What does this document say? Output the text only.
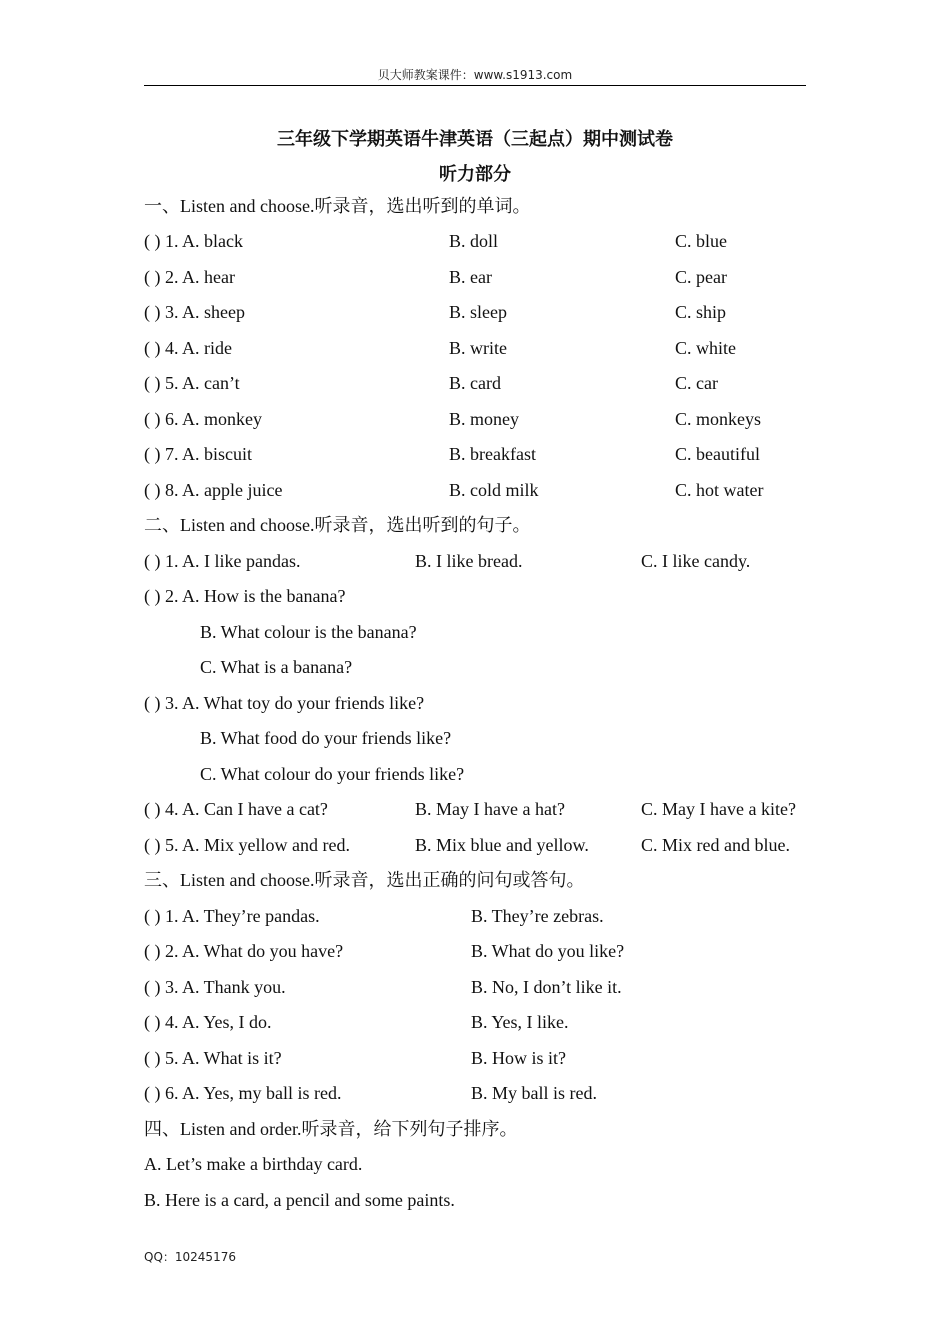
贝大师教案课件：www.s1913.com
三年级下学期英语牛津英语（三起点）期中测试卷
听力部分
一、Listen and choose.听录音，选出听到的单词。
( ) 1. A. black	B. doll	C. blue
( ) 2. A. hear	B. ear	C. pear
( ) 3. A. sheep	B. sleep	C. ship
( ) 4. A. ride	B. write	C. white
( ) 5. A. can’t	B. card	C. car
( ) 6. A. monkey	B. money	C. monkeys
( ) 7. A. biscuit	B. breakfast	C. beautiful
( ) 8. A. apple juice	B. cold milk	C. hot water
二、Listen and choose.听录音，选出听到的句子。
( ) 1. A. I like pandas.	B. I like bread.	C. I like candy.
( ) 2. A. How is the banana?
B. What colour is the banana?
C. What is a banana?
( ) 3. A. What toy do your friends like?
B. What food do your friends like?
C. What colour do your friends like?
( ) 4. A. Can I have a cat?	B. May I have a hat?	C. May I have a kite?
( ) 5. A. Mix yellow and red.	B. Mix blue and yellow.	C. Mix red and blue.
三、Listen and choose.听录音，选出正确的问句或答句。
( ) 1. A. They’re pandas.	B. They’re zebras.
( ) 2. A. What do you have?	B. What do you like?
( ) 3. A. Thank you.	B. No, I don’t like it.
( ) 4. A. Yes, I do.	B. Yes, I like.
( ) 5. A. What is it?	B. How is it?
( ) 6. A. Yes, my ball is red.	B. My ball is red.
四、Listen and order.听录音，给下列句子排序。
A. Let’s make a birthday card.
B. Here is a card, a pencil and some paints.
QQ：10245176
